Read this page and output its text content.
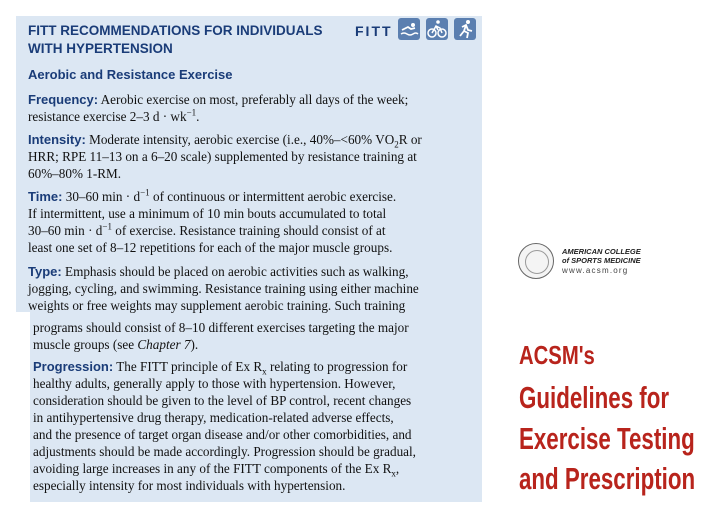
FITT RECOMMENDATIONS FOR INDIVIDUALS
WITH HYPERTENSION
FITT
Aerobic and Resistance Exercise
Frequency: Aerobic exercise on most, preferably all days of the week;
resistance exercise 2–3 $d \cdot wk^{-1}$.
Intensity: Moderate intensity, aerobic exercise (i.e., 40%–<60% $VO_2R$ or
HRR; RPE 11–13 on a 6–20 scale) supplemented by resistance training at
60%–80% 1-RM.
Time: 30–60 $\min \cdot d^{-1}$ of continuous or intermittent aerobic exercise.
If intermittent, use a minimum of 10 min bouts accumulated to total
30–60 $\min \cdot d^{-1}$ of exercise. Resistance training should consist of at
least one set of 8–12 repetitions for each of the major muscle groups.
Type: Emphasis should be placed on aerobic activities such as walking,
jogging, cycling, and swimming. Resistance training using either machine
weights or free weights may supplement aerobic training. Such training
programs should consist of 8–10 different exercises targeting the major
muscle groups (see Chapter 7).
Progression: The FITT principle of Ex $R_x$ relating to progression for
healthy adults, generally apply to those with hypertension. However,
consideration should be given to the level of BP control, recent changes
in antihypertensive drug therapy, medication-related adverse effects,
and the presence of target organ disease and/or other comorbidities, and
adjustments should be made accordingly. Progression should be gradual,
avoiding large increases in any of the FITT components of the Ex $R_x$,
especially intensity for most individuals with hypertension.
AMERICAN COLLEGE
of SPORTS MEDICINE
www.acsm.org
ACSM's
Guidelines for
Exercise Testing
and Prescription
